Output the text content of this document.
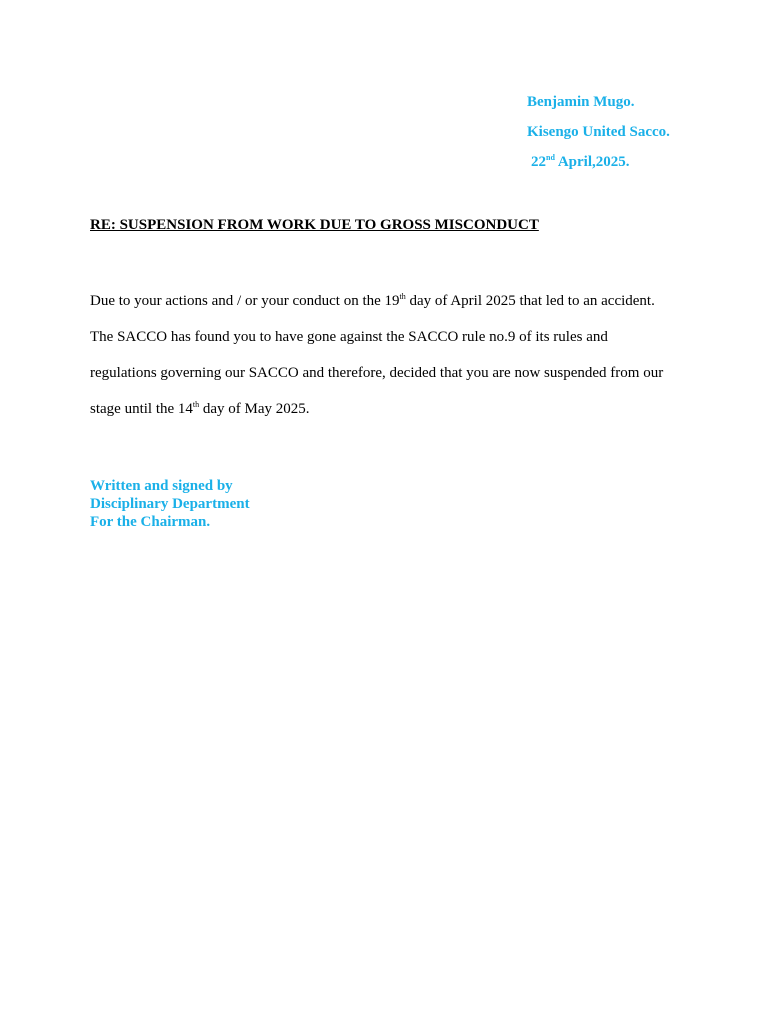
Benjamin Mugo.
Kisengo United Sacco.
22nd April,2025.
RE: SUSPENSION FROM WORK DUE TO GROSS MISCONDUCT
Due to your actions and / or your conduct on the 19th day of April 2025 that led to an accident.
The SACCO has found you to have gone against the SACCO rule no.9 of its rules and
regulations governing our SACCO and therefore, decided that you are now suspended from our
stage until the 14th day of May 2025.
Written and signed by
Disciplinary Department
For the Chairman.
